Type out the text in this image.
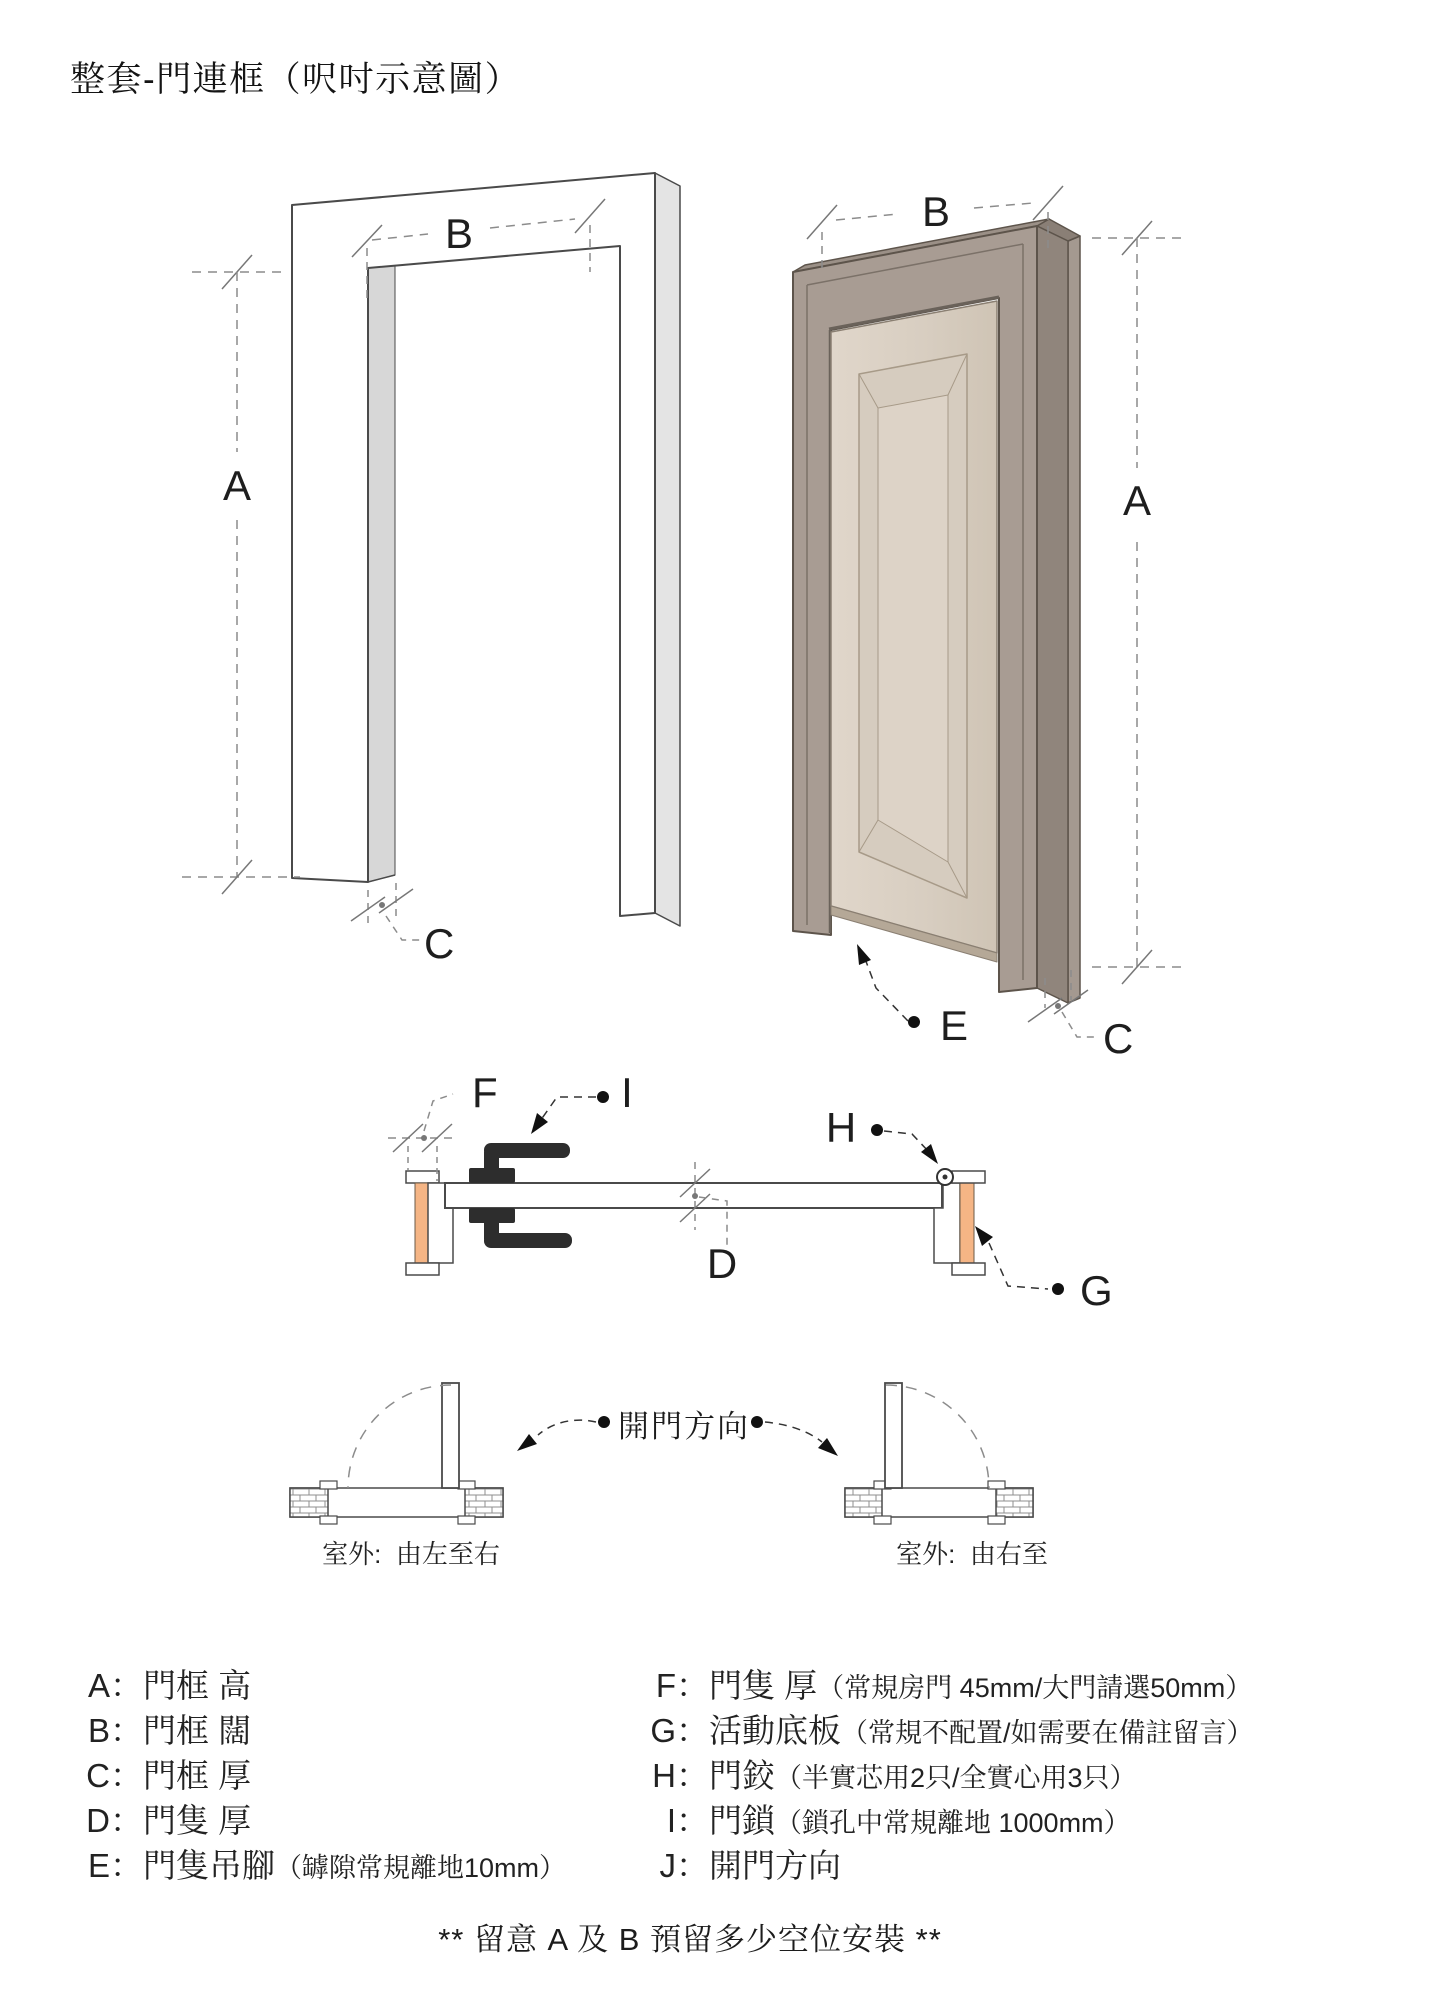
整套-門連框（呎吋示意圖）
A
B
C
E
B
A
C
F	I
H
D
G
開門方向
室外:  由左至右	室外:  由右至
A ： 門框 高
B ： 門框 闊
C ： 門框 厚
D ： 門隻 厚
E ： 門隻吊腳 （罅隙常規離地10mm）
F ： 門隻 厚 （常規房門 45mm/大門請選50mm）
G ： 活動底板 （常規不配置/如需要在備註留言）
H ： 門鉸 （半實芯用2只/全實心用3只）
I ： 門鎖 （鎖孔中常規離地 1000mm）
J ： 開門方向
** 留意 A 及 B 預留多少空位安裝 **
